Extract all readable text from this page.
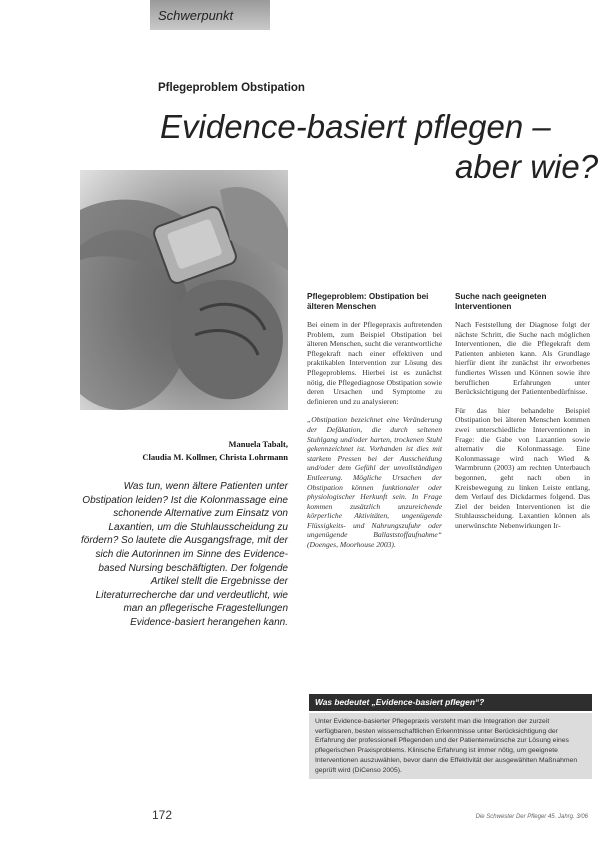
Schwerpunkt
Pflegeproblem Obstipation
Evidence-basiert pflegen –
aber wie?
Manuela Tabalt,
Claudia M. Kollmer, Christa Lohrmann
Was tun, wenn ältere Patienten unter Obstipation leiden? Ist die Kolonmassage eine schonende Alternative zum Einsatz von Laxantien, um die Stuhlausscheidung zu fördern? So lautete die Ausgangsfrage, mit der sich die Autorinnen im Sinne des Evidence-based Nursing beschäftigten. Der folgende Artikel stellt die Ergebnisse der Literaturrecherche dar und verdeutlicht, wie man an pflegerische Fragestellungen Evidence-basiert herangehen kann.
Pflegeproblem: Obstipation bei älteren Menschen

Bei einem in der Pflegepraxis auftretenden Problem, zum Beispiel Obstipation bei älteren Menschen, sucht die verantwortliche Pflegekraft nach einer effektiven und praktikablen Intervention zur Lösung des Pflegeproblems. Hierbei ist es zunächst nötig, die Pflegediagnose Obstipation sowie deren Ursachen und Symptome zu definieren und zu analysieren:

„Obstipation bezeichnet eine Veränderung der Defäkation, die durch seltenen Stuhlgang und/oder harten, trockenen Stuhl gekennzeichnet ist. Vorhanden ist dies mit starkem Pressen bei der Ausscheidung und/oder dem Gefühl der unvollständigen Entleerung. Mögliche Ursachen der Obstipation können funktionaler oder physiologischer Herkunft sein. In Frage kommen zusätzlich unzureichende körperliche Aktivitäten, ungenügende Flüssigkeits- und Nahrungszufuhr oder ungenügende Ballaststoffaufnahme“ (Doenges, Moorhouse 2003).

Suche nach geeigneten Interventionen

Nach Feststellung der Diagnose folgt der nächste Schritt, die Suche nach möglichen Interventionen, die die Pflegekraft dem Patienten anbieten kann. Als Grundlage hierfür dient ihr zunächst ihr erworbenes fundiertes Wissen und Können sowie ihre beruflichen Erfahrungen unter Berücksichtigung der Patientenbedürfnisse.

Für das hier behandelte Beispiel Obstipation bei älteren Menschen kommen zwei unterschiedliche Interventionen in Frage: die Gabe von Laxantien sowie alternativ die Kolonmassage. Eine Kolonmassage wird nach Wied & Warmbrunn (2003) am rechten Unterbauch begonnen, geht nach oben in Kreisbewegung zu linken Leiste entlang, dem Verlauf des Dickdarmes folgend. Das Ziel der beiden Interventionen ist die Stuhlausscheidung. Laxantien können als unerwünschte Nebenwirkungen Ir-

Was bedeutet „Evidence-basiert pflegen“?
Unter Evidence-basierter Pflegepraxis versteht man die Integration der zurzeit verfügbaren, besten wissenschaftlichen Erkenntnisse unter Berücksichtigung der Erfahrung der professionell Pflegenden und der Patientenwünsche zur Lösung eines pflegerischen Praxisproblems. Klinische Erfahrung ist immer nötig, um geeignete Interventionen auszuwählen, bevor dann die Effektivität der ausgewählten Maßnahmen geprüft wird (DiCenso 2005).
172	Die Schwester Der Pfleger 45. Jahrg. 3/06
